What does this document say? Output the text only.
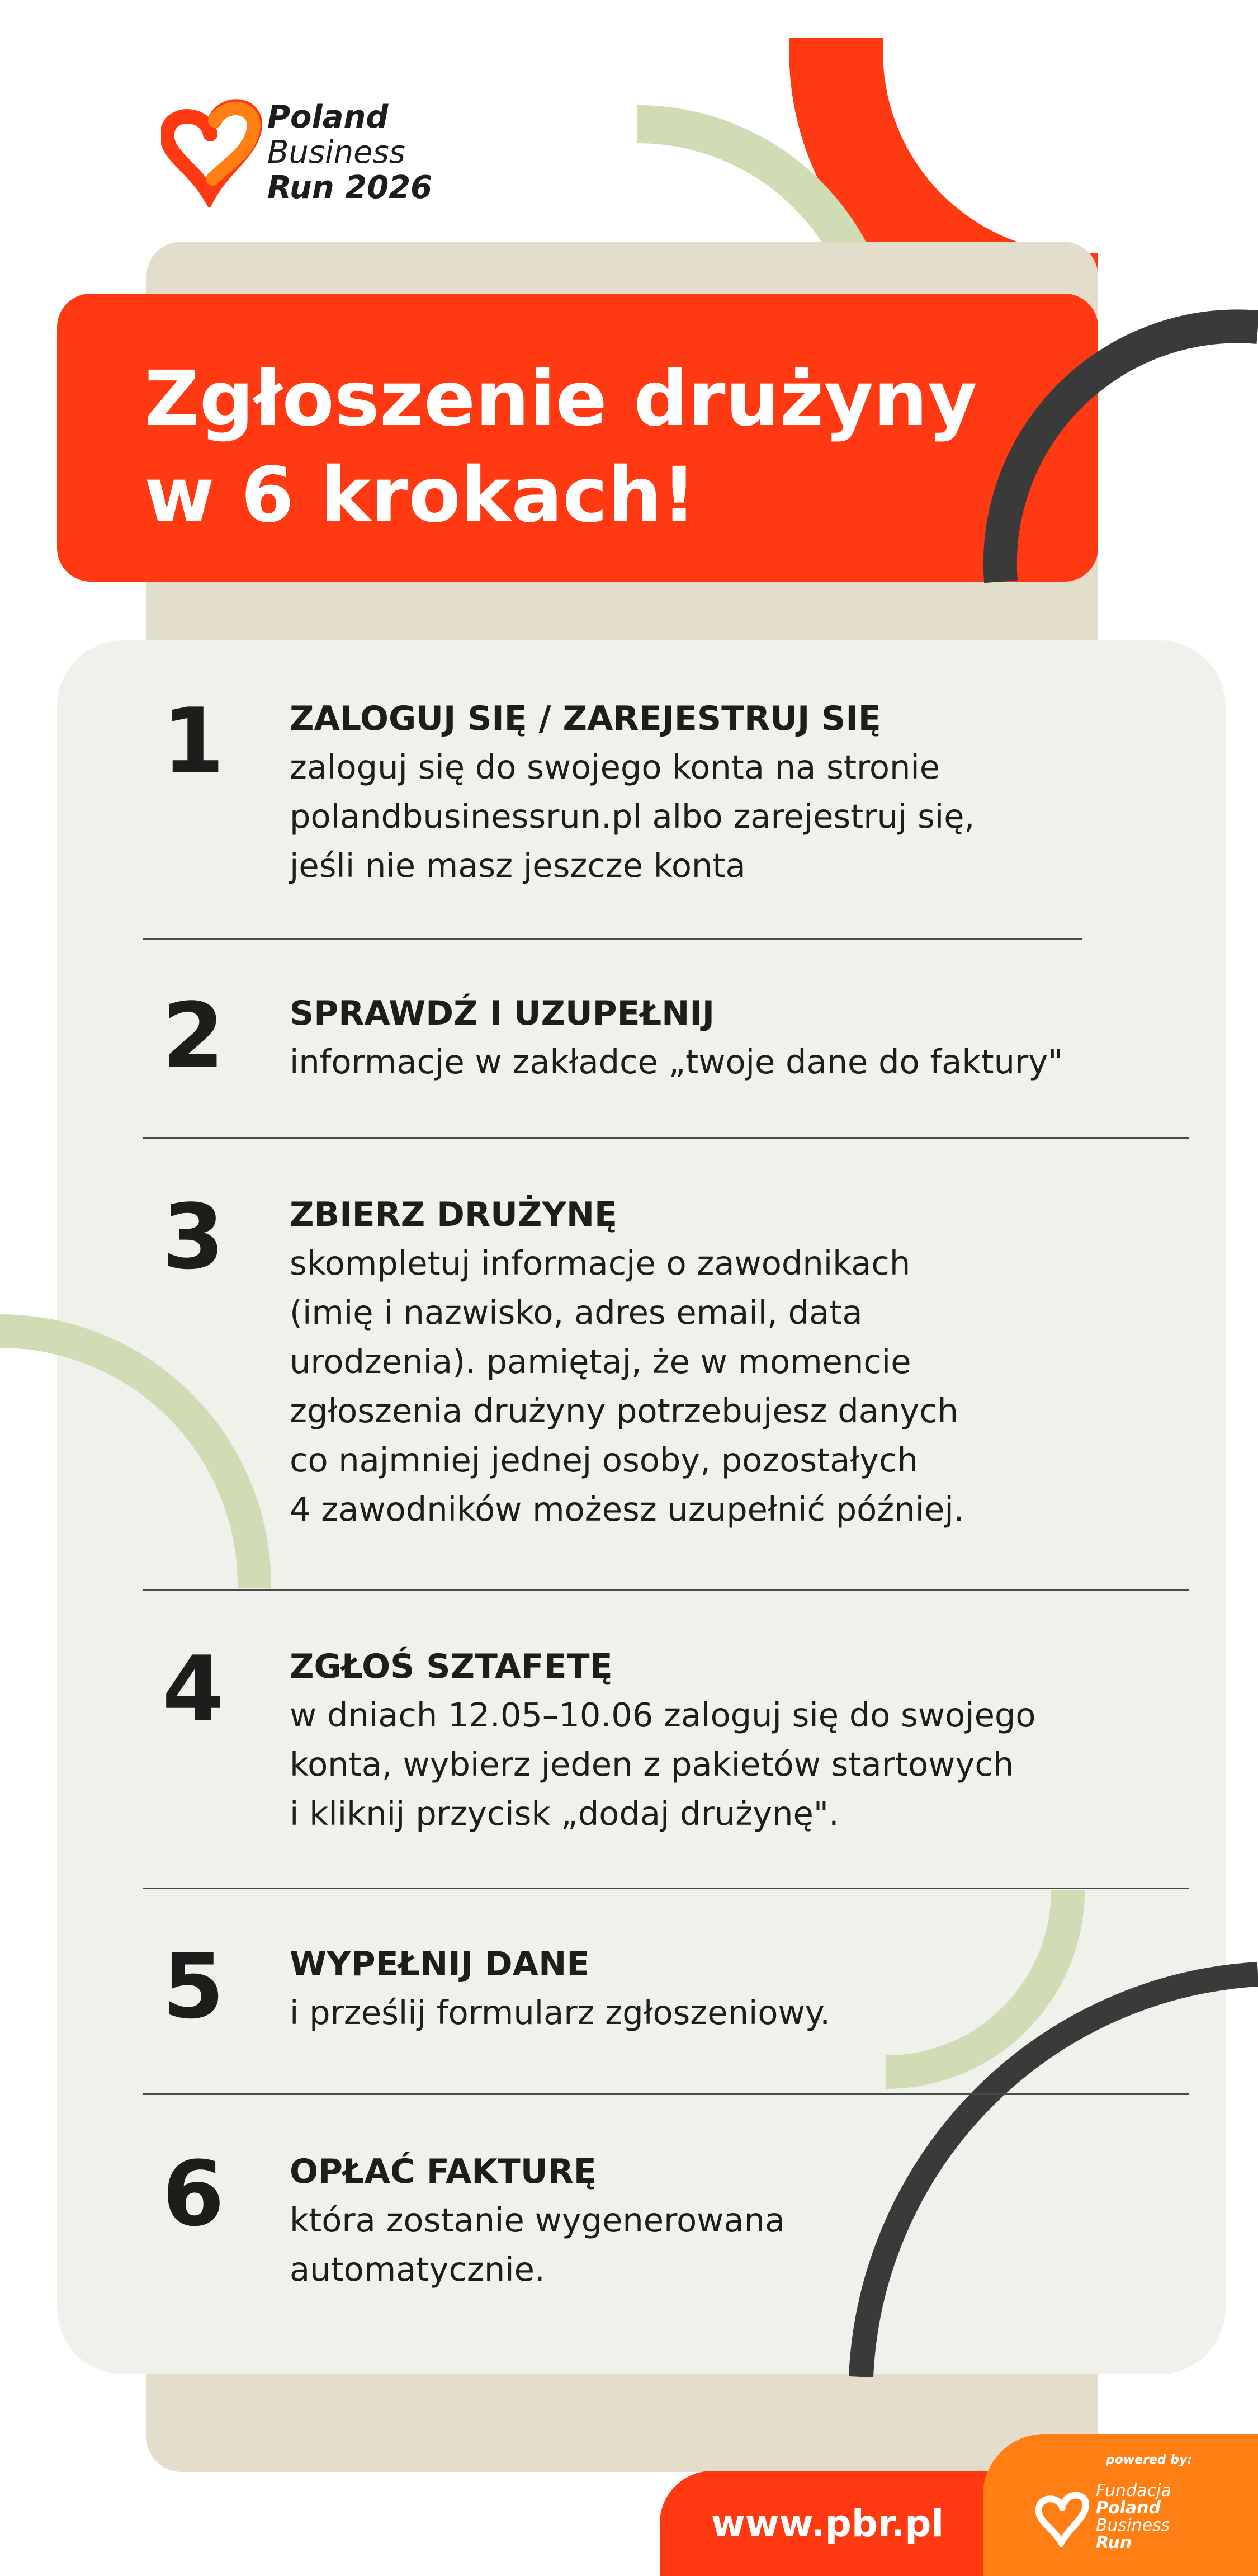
Zgłoszenie drużyny
w 6 krokach!
Poland
Business
Run 2026
1	ZALOGUJ SIĘ / ZAREJESTRUJ SIĘ

zaloguj się do swojego konta na stronie
polandbusinessrun.pl albo zarejestruj się,
jeśli nie masz jeszcze konta

2	SPRAWDŹ I UZUPEŁNIJ

informacje w zakładce „twoje dane do faktury"

3	ZBIERZ DRUŻYNĘ

skompletuj informacje o zawodnikach
(imię i nazwisko, adres email, data
urodzenia). pamiętaj, że w momencie
zgłoszenia drużyny potrzebujesz danych
co najmniej jednej osoby, pozostałych
4 zawodników możesz uzupełnić później.

4	ZGŁOŚ SZTAFETĘ

w dniach 12.05–10.06 zaloguj się do swojego
konta, wybierz jeden z pakietów startowych
i kliknij przycisk „dodaj drużynę".

5	WYPEŁNIJ DANE

i prześlij formularz zgłoszeniowy.

6	OPŁAĆ FAKTURĘ

która zostanie wygenerowana
automatycznie.

www.pbr.pl
powered by:
Fundacja
Poland
Business
Run
